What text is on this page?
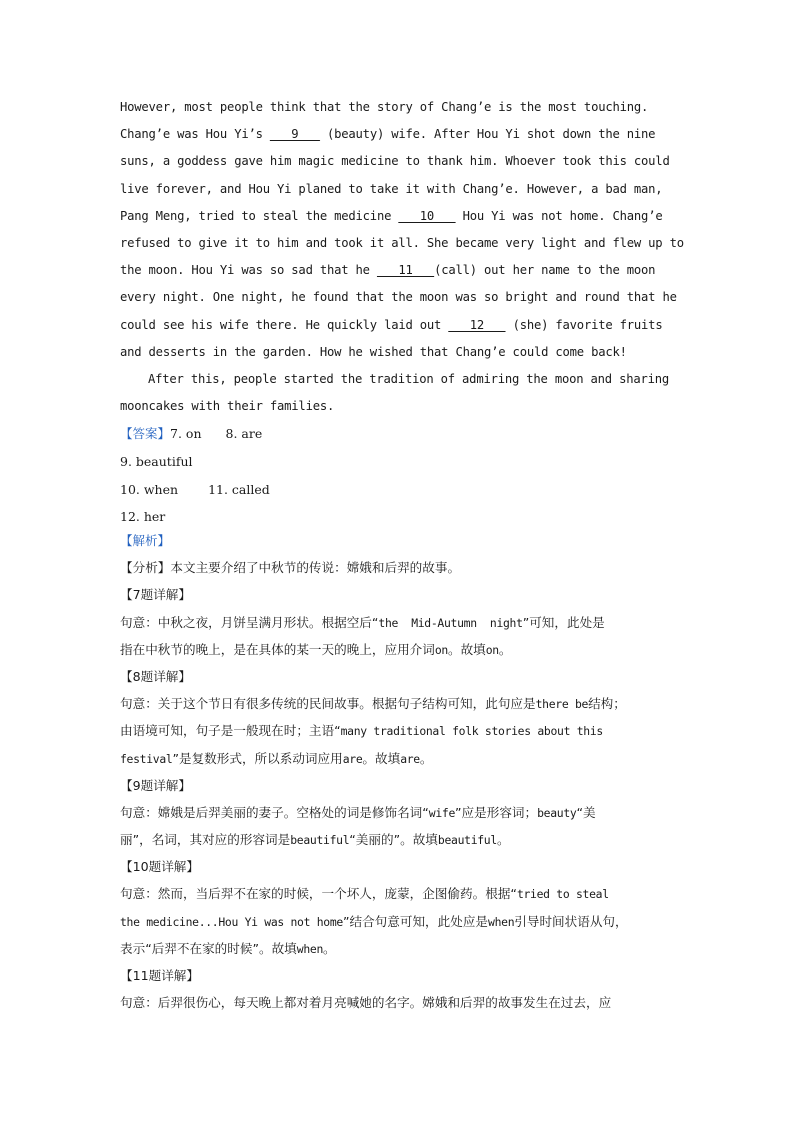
However, most people think that the story of Chang’e is the most touching.
Chang’e was Hou Yi’s ___9___ (beauty) wife. After Hou Yi shot down the nine
suns, a goddess gave him magic medicine to thank him. Whoever took this could
live forever, and Hou Yi planed to take it with Chang’e. However, a bad man,
Pang Meng, tried to steal the medicine ___10___ Hou Yi was not home. Chang’e
refused to give it to him and took it all. She became very light and flew up to
the moon. Hou Yi was so sad that he ___11___(call) out her name to the moon
every night. One night, he found that the moon was so bright and round that he
could see his wife there. He quickly laid out ___12___ (she) favorite fruits
and desserts in the garden. How he wished that Chang’e could come back!
After this, people started the tradition of admiring the moon and sharing
mooncakes with their families.
【答案】7. on 8. are
9. beautiful
10. when 11. called
12. her
【解析】
【分析】本文主要介绍了中秋节的传说：嫦娥和后羿的故事。
【7题详解】
句意：中秋之夜，月饼呈满月形状。根据空后“the  Mid-Autumn  night”可知，此处是
指在中秋节的晚上，是在具体的某一天的晚上，应用介词on。故填on。
【8题详解】
句意：关于这个节日有很多传统的民间故事。根据句子结构可知，此句应是there be结构；
由语境可知，句子是一般现在时；主语“many traditional folk stories about this
festival”是复数形式，所以系动词应用are。故填are。
【9题详解】
句意：嫦娥是后羿美丽的妻子。空格处的词是修饰名词“wife”应是形容词；beauty“美
丽”，名词，其对应的形容词是beautiful“美丽的”。故填beautiful。
【10题详解】
句意：然而，当后羿不在家的时候，一个坏人，庞蒙，企图偷药。根据“tried to steal
the medicine...Hou Yi was not home”结合句意可知，此处应是when引导时间状语从句，
表示“后羿不在家的时候”。故填when。
【11题详解】
句意：后羿很伤心，每天晚上都对着月亮喊她的名字。嫦娥和后羿的故事发生在过去，应
